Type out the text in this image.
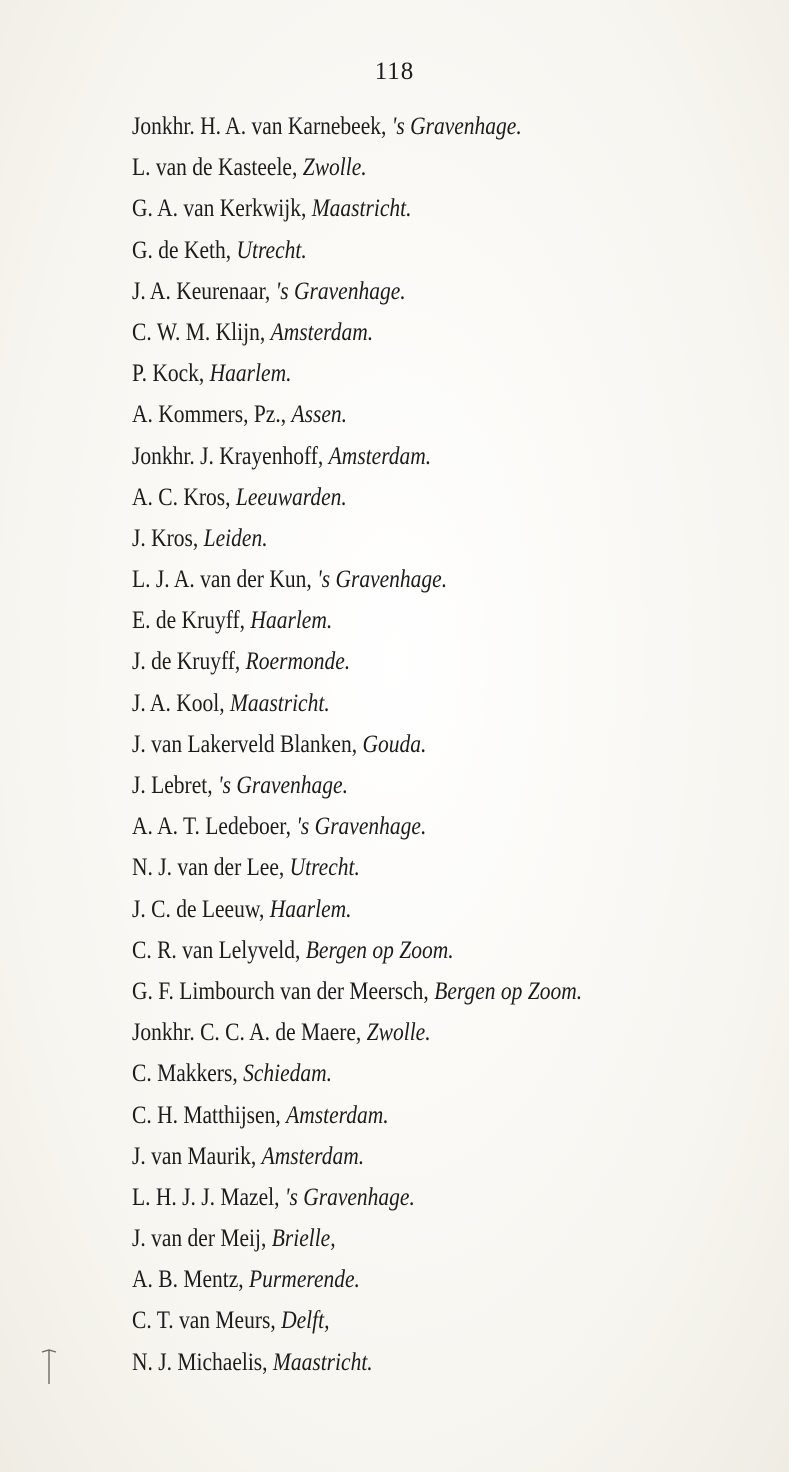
118
Jonkhr. H. A. van Karnebeek, 's Gravenhage.
L. van de Kasteele, Zwolle.
G. A. van Kerkwijk, Maastricht.
G. de Keth, Utrecht.
J. A. Keurenaar, 's Gravenhage.
C. W. M. Klijn, Amsterdam.
P. Kock, Haarlem.
A. Kommers, Pz., Assen.
Jonkhr. J. Krayenhoff, Amsterdam.
A. C. Kros, Leeuwarden.
J. Kros, Leiden.
L. J. A. van der Kun, 's Gravenhage.
E. de Kruyff, Haarlem.
J. de Kruyff, Roermonde.
J. A. Kool, Maastricht.
J. van Lakerveld Blanken, Gouda.
J. Lebret, 's Gravenhage.
A. A. T. Ledeboer, 's Gravenhage.
N. J. van der Lee, Utrecht.
J. C. de Leeuw, Haarlem.
C. R. van Lelyveld, Bergen op Zoom.
G. F. Limbourch van der Meersch, Bergen op Zoom.
Jonkhr. C. C. A. de Maere, Zwolle.
C. Makkers, Schiedam.
C. H. Matthijsen, Amsterdam.
J. van Maurik, Amsterdam.
L. H. J. J. Mazel, 's Gravenhage.
J. van der Meij, Brielle,
A. B. Mentz, Purmerende.
C. T. van Meurs, Delft,
N. J. Michaelis, Maastricht.
